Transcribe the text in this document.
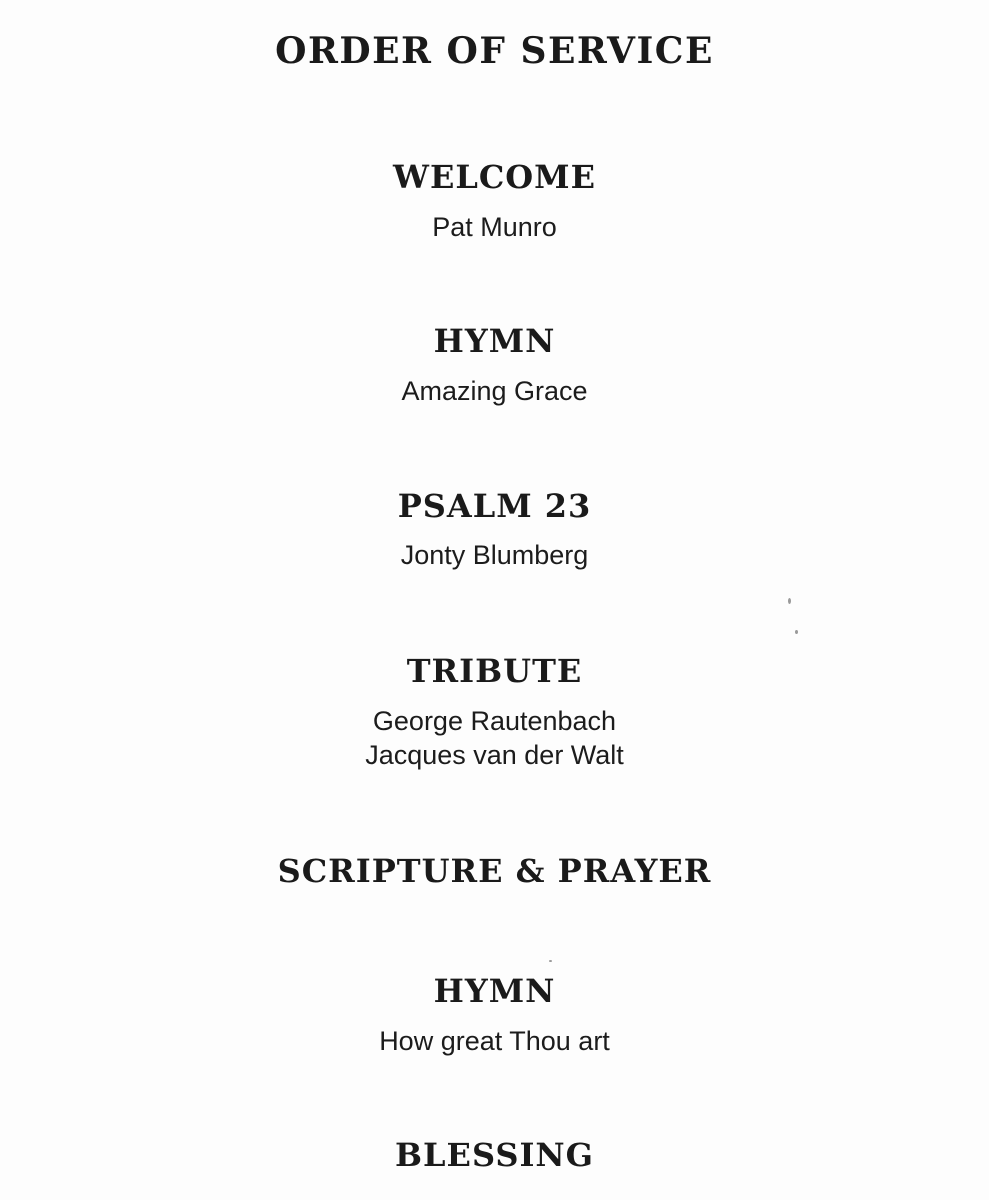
ORDER OF SERVICE
WELCOME
Pat Munro
HYMN
Amazing Grace
PSALM 23
Jonty Blumberg
TRIBUTE
George Rautenbach
Jacques van der Walt
SCRIPTURE & PRAYER
HYMN
How great Thou art
BLESSING
